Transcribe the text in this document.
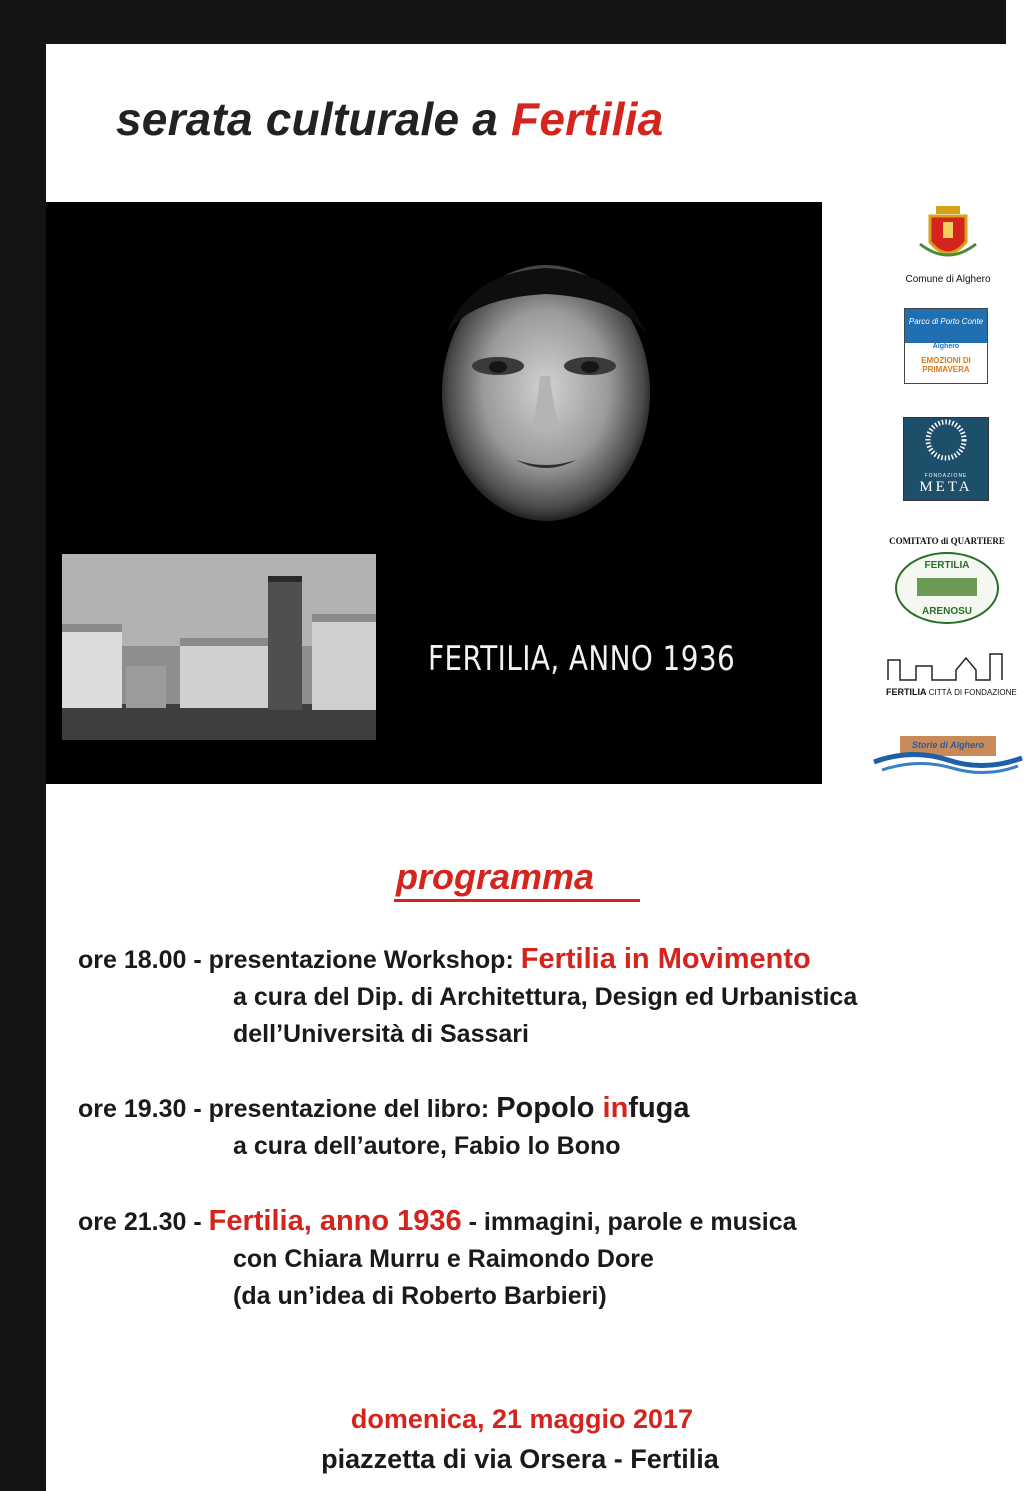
serata culturale a Fertilia
FERTILIA, ANNO 1936
Comune di Alghero
Parco di Porto Conte
Alghero
EMOZIONI DI PRIMAVERA
FONDAZIONE
META
COMITATO di QUARTIERE
FERTILIA
ARENOSU
FERTILIA CITTÀ DI FONDAZIONE
Storie di Alghero
programma
ore 18.00 - presentazione Workshop: Fertilia in Movimento
a cura del Dip. di Architettura, Design ed Urbanistica
dell’Università di Sassari
ore 19.30 - presentazione del libro: Popolo infuga
a cura dell’autore, Fabio lo Bono
ore 21.30 - Fertilia, anno 1936 - immagini, parole e musica
con Chiara Murru e Raimondo Dore
(da un’idea di Roberto Barbieri)
domenica, 21 maggio 2017
piazzetta di via Orsera - Fertilia
